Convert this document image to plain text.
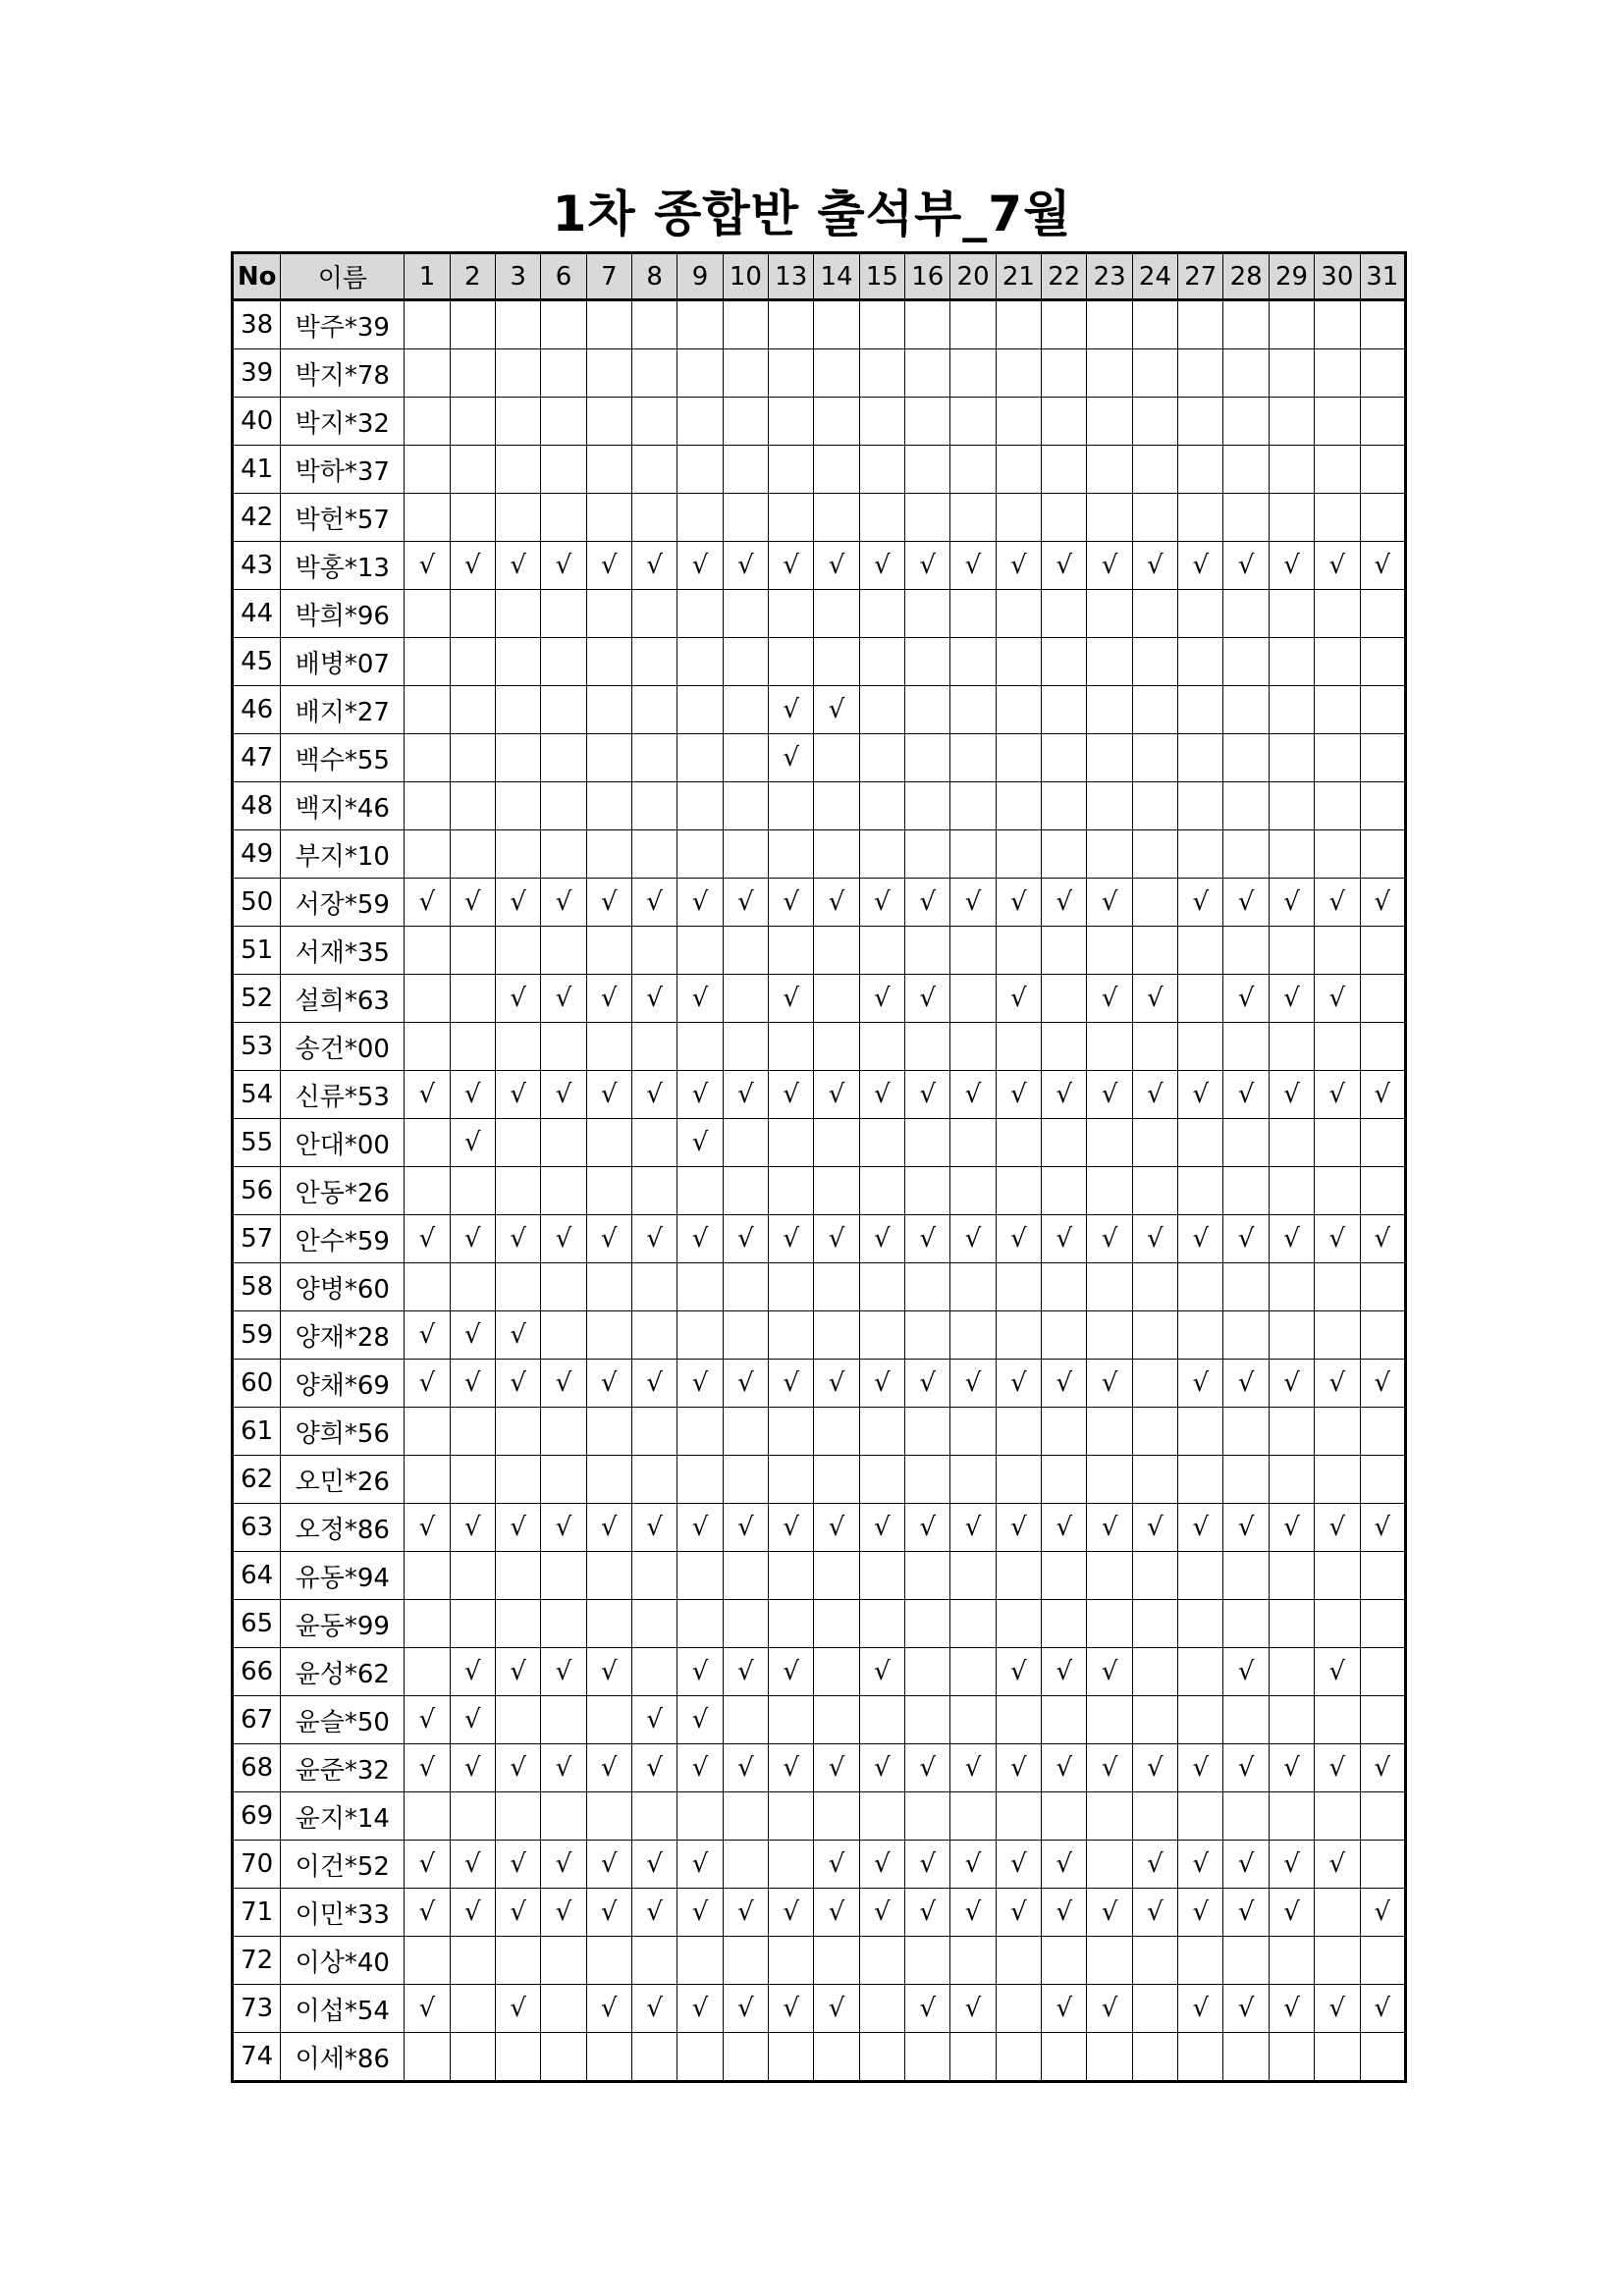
1차 종합반 출석부_7월
No	이름	1	2	3	6	7	8	9	10	13	14	15	16	20	21	22	23	24	27	28	29	30	31
38	박주*39																						
39	박지*78																						
40	박지*32																						
41	박하*37																						
42	박헌*57																						
43	박홍*13	√	√	√	√	√	√	√	√	√	√	√	√	√	√	√	√	√	√	√	√	√	√
44	박희*96																						
45	배병*07																						
46	배지*27									√	√												
47	백수*55									√													
48	백지*46																						
49	부지*10																						
50	서장*59	√	√	√	√	√	√	√	√	√	√	√	√	√	√	√	√		√	√	√	√	√
51	서재*35																						
52	설희*63			√	√	√	√	√		√		√	√		√		√	√		√	√	√	
53	송건*00																						
54	신류*53	√	√	√	√	√	√	√	√	√	√	√	√	√	√	√	√	√	√	√	√	√	√
55	안대*00		√					√															
56	안동*26																						
57	안수*59	√	√	√	√	√	√	√	√	√	√	√	√	√	√	√	√	√	√	√	√	√	√
58	양병*60																						
59	양재*28	√	√	√																			
60	양채*69	√	√	√	√	√	√	√	√	√	√	√	√	√	√	√	√		√	√	√	√	√
61	양희*56																						
62	오민*26																						
63	오정*86	√	√	√	√	√	√	√	√	√	√	√	√	√	√	√	√	√	√	√	√	√	√
64	유동*94																						
65	윤동*99																						
66	윤성*62		√	√	√	√		√	√	√		√			√	√	√			√		√	
67	윤슬*50	√	√				√	√															
68	윤준*32	√	√	√	√	√	√	√	√	√	√	√	√	√	√	√	√	√	√	√	√	√	√
69	윤지*14																						
70	이건*52	√	√	√	√	√	√	√			√	√	√	√	√	√		√	√	√	√	√	
71	이민*33	√	√	√	√	√	√	√	√	√	√	√	√	√	√	√	√	√	√	√	√		√
72	이상*40																						
73	이섭*54	√		√		√	√	√	√	√	√		√	√		√	√		√	√	√	√	√
74	이세*86																						
